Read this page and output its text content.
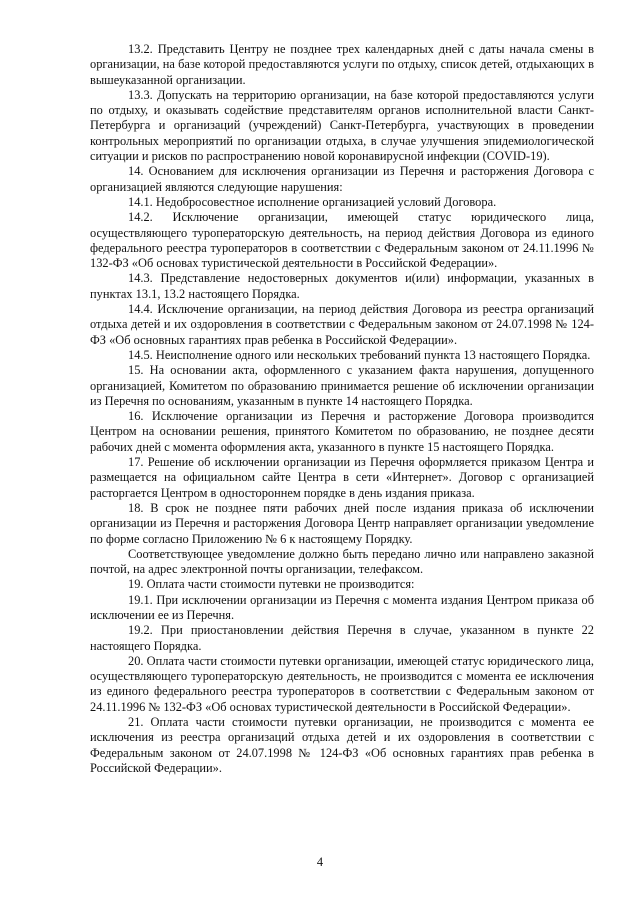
13.2. Представить Центру не позднее трех календарных дней с даты начала смены в организации, на базе которой предоставляются услуги по отдыху, список детей, отдыхающих в вышеуказанной организации.

13.3. Допускать на территорию организации, на базе которой предоставляются услуги по отдыху, и оказывать содействие представителям органов исполнительной власти Санкт-Петербурга и организаций (учреждений) Санкт-Петербурга, участвующих в проведении контрольных мероприятий по организации отдыха, в случае улучшения эпидемиологической ситуации и рисков по распространению новой коронавирусной инфекции (COVID-19).

14. Основанием для исключения организации из Перечня и расторжения Договора с организацией являются следующие нарушения:

14.1. Недобросовестное исполнение организацией условий Договора.

14.2. Исключение организации, имеющей статус юридического лица, осуществляющего туроператорскую деятельность, на период действия Договора из единого федерального реестра туроператоров в соответствии с Федеральным законом от 24.11.1996 № 132-ФЗ «Об основах туристической деятельности в Российской Федерации».

14.3. Представление недостоверных документов и(или) информации, указанных в пунктах 13.1, 13.2 настоящего Порядка.

14.4. Исключение организации, на период действия Договора из реестра организаций отдыха детей и их оздоровления в соответствии с Федеральным законом от 24.07.1998 № 124-ФЗ «Об основных гарантиях прав ребенка в Российской Федерации».

14.5. Неисполнение одного или нескольких требований пункта 13 настоящего Порядка.

15. На основании акта, оформленного с указанием факта нарушения, допущенного организацией, Комитетом по образованию принимается решение об исключении организации из Перечня по основаниям, указанным в пункте 14 настоящего Порядка.

16. Исключение организации из Перечня и расторжение Договора производится Центром на основании решения, принятого Комитетом по образованию, не позднее десяти рабочих дней с момента оформления акта, указанного в пункте 15 настоящего Порядка.

17. Решение об исключении организации из Перечня оформляется приказом Центра и размещается на официальном сайте Центра в сети «Интернет». Договор с организацией расторгается Центром в одностороннем порядке в день издания приказа.

18. В срок не позднее пяти рабочих дней после издания приказа об исключении организации из Перечня и расторжения Договора Центр направляет организации уведомление по форме согласно Приложению № 6 к настоящему Порядку.

Соответствующее уведомление должно быть передано лично или направлено заказной почтой, на адрес электронной почты организации, телефаксом.

19. Оплата части стоимости путевки не производится:

19.1. При исключении организации из Перечня с момента издания Центром приказа об исключении ее из Перечня.

19.2. При приостановлении действия Перечня в случае, указанном в пункте 22 настоящего Порядка.

20. Оплата части стоимости путевки организации, имеющей статус юридического лица, осуществляющего туроператорскую деятельность, не производится с момента ее исключения из единого федерального реестра туроператоров в соответствии с Федеральным законом от 24.11.1996 № 132-ФЗ «Об основах туристической деятельности в Российской Федерации».

21. Оплата части стоимости путевки организации, не производится с момента ее исключения из реестра организаций отдыха детей и их оздоровления в соответствии с Федеральным законом от 24.07.1998 № 124-ФЗ «Об основных гарантиях прав ребенка в Российской Федерации».

4
